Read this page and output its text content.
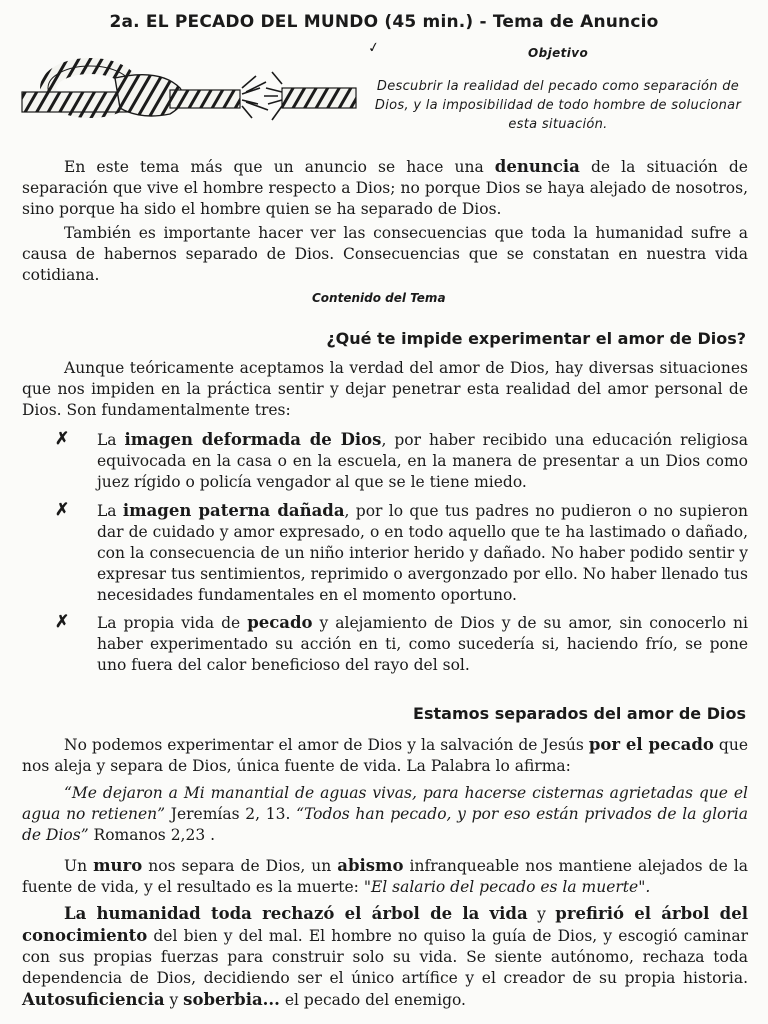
2a. EL PECADO DEL MUNDO (45 min.) - Tema de Anuncio
✓	Objetivo
Descubrir la realidad del pecado como separación de Dios, y la imposibilidad de todo hombre de solucionar esta situación.

En este tema más que un anuncio se hace una denuncia de la situación de separación que vive el hombre respecto a Dios; no porque Dios se haya alejado de nosotros, sino porque ha sido el hombre quien se ha separado de Dios.

También es importante hacer ver las consecuencias que toda la humanidad sufre a causa de habernos separado de Dios. Consecuencias que se constatan en nuestra vida cotidiana.

Contenido del Tema
¿Qué te impide experimentar el amor de Dios?

Aunque teóricamente aceptamos la verdad del amor de Dios, hay diversas situaciones que nos impiden en la práctica sentir y dejar penetrar esta realidad del amor personal de Dios. Son fundamentalmente tres:

✗ La imagen deformada de Dios, por haber recibido una educación religiosa equivocada en la casa o en la escuela, en la manera de presentar a un Dios como juez rígido o policía vengador al que se le tiene miedo.
✗ La imagen paterna dañada, por lo que tus padres no pudieron o no supieron dar de cuidado y amor expresado, o en todo aquello que te ha lastimado o dañado, con la consecuencia de un niño interior herido y dañado. No haber podido sentir y expresar tus sentimientos, reprimido o avergonzado por ello. No haber llenado tus necesidades fundamentales en el momento oportuno.
✗ La propia vida de pecado y alejamiento de Dios y de su amor, sin conocerlo ni haber experimentado su acción en ti, como sucedería si, haciendo frío, se pone uno fuera del calor beneficioso del rayo del sol.
Estamos separados del amor de Dios

No podemos experimentar el amor de Dios y la salvación de Jesús por el pecado que nos aleja y separa de Dios, única fuente de vida. La Palabra lo afirma:

“Me dejaron a Mi manantial de aguas vivas, para hacerse cisternas agrietadas que el agua no retienen” Jeremías 2, 13. “Todos han pecado, y por eso están privados de la gloria de Dios” Romanos 2,23 .

Un muro nos separa de Dios, un abismo infranqueable nos mantiene alejados de la fuente de vida, y el resultado es la muerte: "El salario del pecado es la muerte".

La humanidad toda rechazó el árbol de la vida y prefirió el árbol del conocimiento del bien y del mal. El hombre no quiso la guía de Dios, y escogió caminar con sus propias fuerzas para construir solo su vida. Se siente autónomo, rechaza toda dependencia de Dios, decidiendo ser el único artífice y el creador de su propia historia. Autosuficiencia y soberbia... el pecado del enemigo.
